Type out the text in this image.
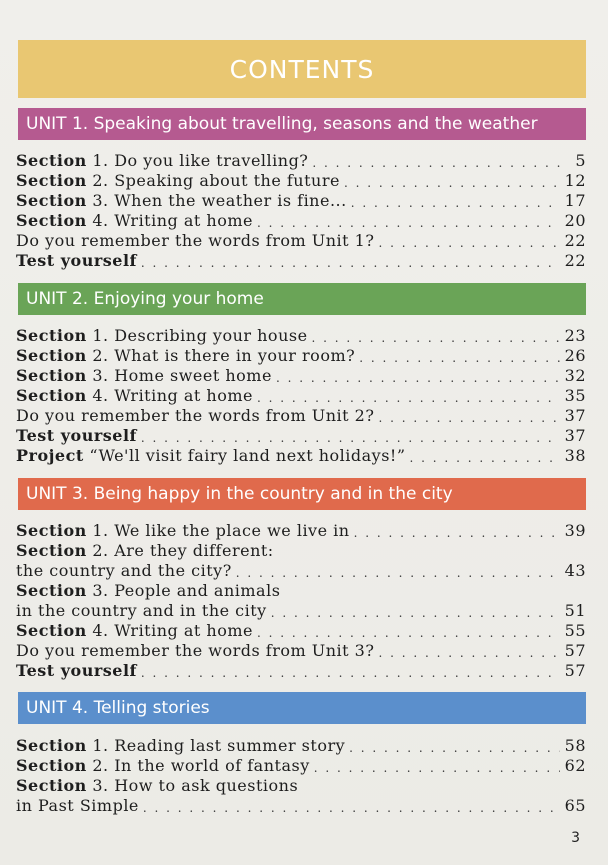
CONTENTS
UNIT 1. Speaking about travelling, seasons and the weather
Section 1. Do you like travelling? . . .	5
Section 2. Speaking about the future . . .	12
Section 3. When the weather is fine... . . .	17
Section 4. Writing at home . . .	20
Do you remember the words from Unit 1? . . .	22
Test yourself . . .	22
UNIT 2. Enjoying your home
Section 1. Describing your house . . .	23
Section 2. What is there in your room? . . .	26
Section 3. Home sweet home . . .	32
Section 4. Writing at home . . .	35
Do you remember the words from Unit 2? . . .	37
Test yourself . . .	37
Project “We'll visit fairy land next holidays!” . . .	38
UNIT 3. Being happy in the country and in the city
Section 1. We like the place we live in . . .	39
Section 2. Are they different:
the country and the city? . . .	43
Section 3. People and animals
in the country and in the city . . .	51
Section 4. Writing at home . . .	55
Do you remember the words from Unit 3? . . .	57
Test yourself . . .	57
UNIT 4. Telling stories
Section 1. Reading last summer story . . .	58
Section 2. In the world of fantasy . . .	62
Section 3. How to ask questions
in Past Simple . . .	65
3
